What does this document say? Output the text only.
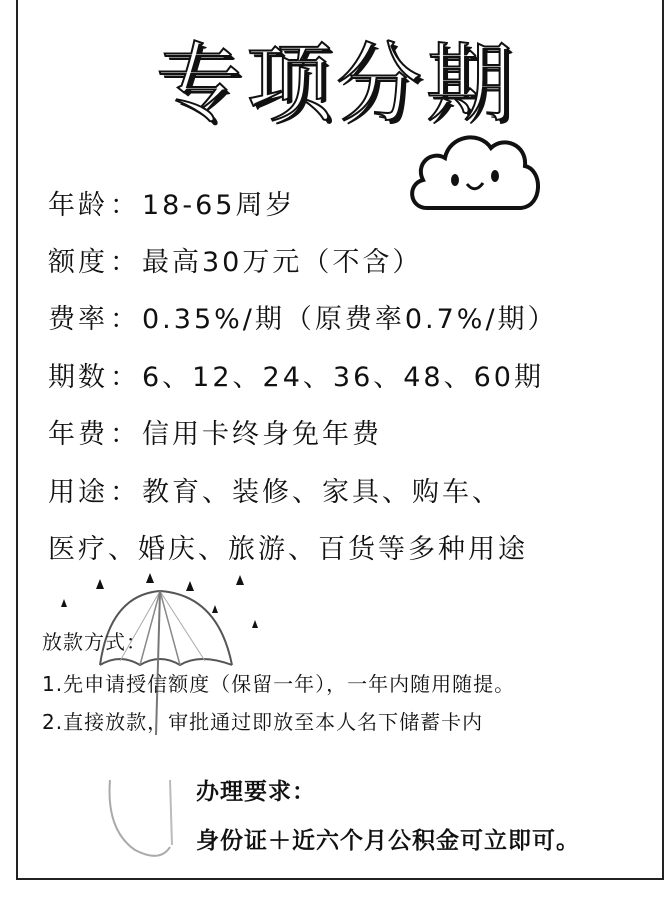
专项分期
年龄：18-65周岁
额度：最高30万元（不含）
费率：0.35%/期（原费率0.7%/期）
期数：6、12、24、36、48、60期
年费：信用卡终身免年费
用途：教育、装修、家具、购车、
医疗、婚庆、旅游、百货等多种用途
放款方式：
1.先申请授信额度（保留一年），一年内随用随提。
2.直接放款，审批通过即放至本人名下储蓄卡内
办理要求：
身份证＋近六个月公积金可立即可。
